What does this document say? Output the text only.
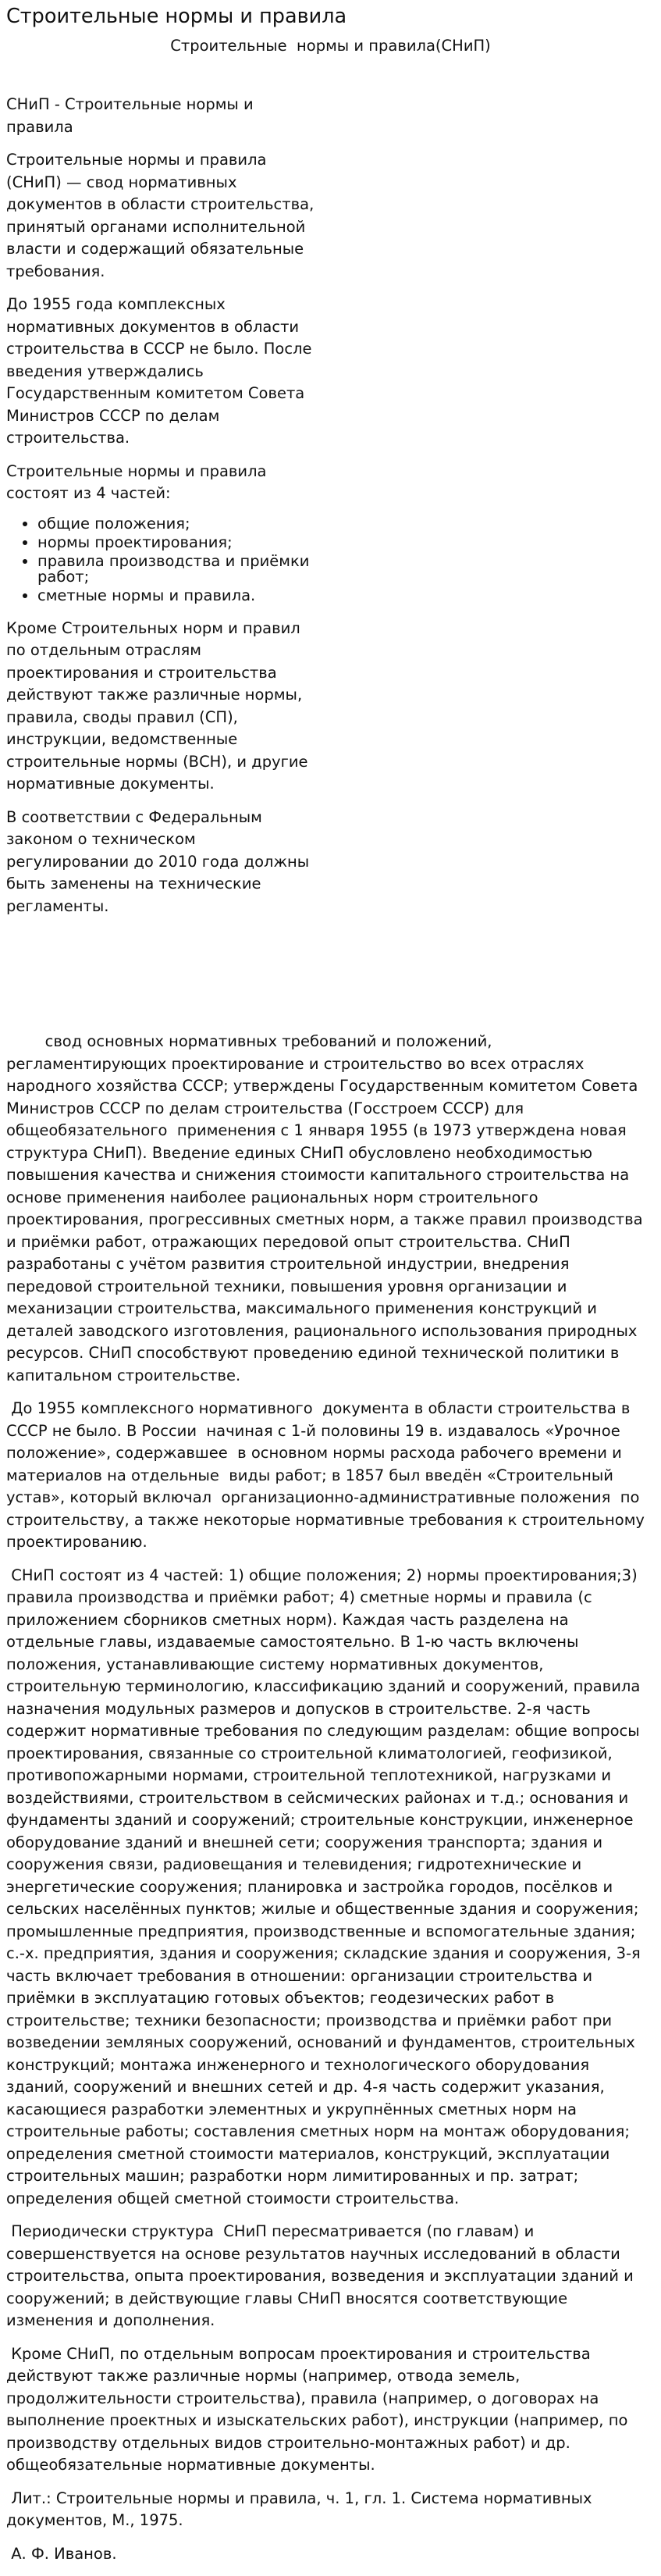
Строительные нормы и правила
Строительные  нормы и правила(СНиП)

СНиП - Строительные нормы и правила

Строительные нормы и правила (СНиП) — свод нормативных документов в области строительства, принятый органами исполнительной власти и содержащий обязательные требования.

До 1955 года комплексных нормативных документов в области строительства в СССР не было. После введения утверждались Государственным комитетом Совета Министров СССР по делам строительства.

Строительные нормы и правила состоят из 4 частей:

• общие положения;
• нормы проектирования;
• правила производства и приёмки работ;
• сметные нормы и правила.

Кроме Строительных норм и правил по отдельным отраслям проектирования и строительства действуют также различные нормы, правила, своды правил (СП), инструкции, ведомственные строительные нормы (ВСН), и другие нормативные документы.

В соответствии с Федеральным законом о техническом регулировании до 2010 года должны быть заменены на технические регламенты.

свод основных нормативных требований и положений, регламентирующих проектирование и строительство во всех отраслях народного хозяйства СССР; утверждены Государственным комитетом Совета Министров СССР по делам строительства (Госстроем СССР) для общеобязательного  применения с 1 января 1955 (в 1973 утверждена новая структура СНиП). Введение единых СНиП обусловлено необходимостью повышения качества и снижения стоимости капитального строительства на основе применения наиболее рациональных норм строительного проектирования, прогрессивных сметных норм, а также правил производства и приёмки работ, отражающих передовой опыт строительства. СНиП разработаны с учётом развития строительной индустрии, внедрения передовой строительной техники, повышения уровня организации и механизации строительства, максимального применения конструкций и деталей заводского изготовления, рационального использования природных ресурсов. СНиП способствуют проведению единой технической политики в капитальном строительстве.

До 1955 комплексного нормативного  документа в области строительства в СССР не было. В России  начиная с 1-й половины 19 в. издавалось «Урочное положение», содержавшее  в основном нормы расхода рабочего времени и материалов на отдельные  виды работ; в 1857 был введён «Строительный устав», который включал  организационно-административные положения  по строительству, а также некоторые нормативные требования к строительному  проектированию.

СНиП состоят из 4 частей: 1) общие положения; 2) нормы проектирования;3) правила производства и приёмки работ; 4) сметные нормы и правила (с приложением сборников сметных норм). Каждая часть разделена на отдельные главы, издаваемые самостоятельно. В 1-ю часть включены положения, устанавливающие систему нормативных документов, строительную терминологию, классификацию зданий и сооружений, правила назначения модульных размеров и допусков в строительстве. 2-я часть содержит нормативные требования по следующим разделам: общие вопросы проектирования, связанные со строительной климатологией, геофизикой, противопожарными нормами, строительной теплотехникой, нагрузками и воздействиями, строительством в сейсмических районах и т.д.; основания и фундаменты зданий и сооружений; строительные конструкции, инженерное оборудование зданий и внешней сети; сооружения транспорта; здания и сооружения связи, радиовещания и телевидения; гидротехнические и энергетические сооружения; планировка и застройка городов, посёлков и сельских населённых пунктов; жилые и общественные здания и сооружения; промышленные предприятия, производственные и вспомогательные здания; с.-х. предприятия, здания и сооружения; складские здания и сооружения, 3-я часть включает требования в отношении: организации строительства и приёмки в эксплуатацию готовых объектов; геодезических работ в строительстве; техники безопасности; производства и приёмки работ при возведении земляных сооружений, оснований и фундаментов, строительных конструкций; монтажа инженерного и технологического оборудования зданий, сооружений и внешних сетей и др. 4-я часть содержит указания, касающиеся разработки элементных и укрупнённых сметных норм на строительные работы; составления сметных норм на монтаж оборудования; определения сметной стоимости материалов, конструкций, эксплуатации строительных машин; разработки норм лимитированных и пр. затрат; определения общей сметной стоимости строительства.

Периодически структура  СНиП пересматривается (по главам) и совершенствуется на основе результатов научных исследований в области строительства, опыта проектирования, возведения и эксплуатации зданий и сооружений; в действующие главы СНиП вносятся соответствующие изменения и дополнения.

Кроме СНиП, по отдельным вопросам проектирования и строительства действуют также различные нормы (например, отвода земель, продолжительности строительства), правила (например, о договорах на выполнение проектных и изыскательских работ), инструкции (например, по производству отдельных видов строительно-монтажных работ) и др. общеобязательные нормативные документы.

Лит.: Строительные нормы и правила, ч. 1, гл. 1. Система нормативных документов, М., 1975.

А. Ф. Иванов.
